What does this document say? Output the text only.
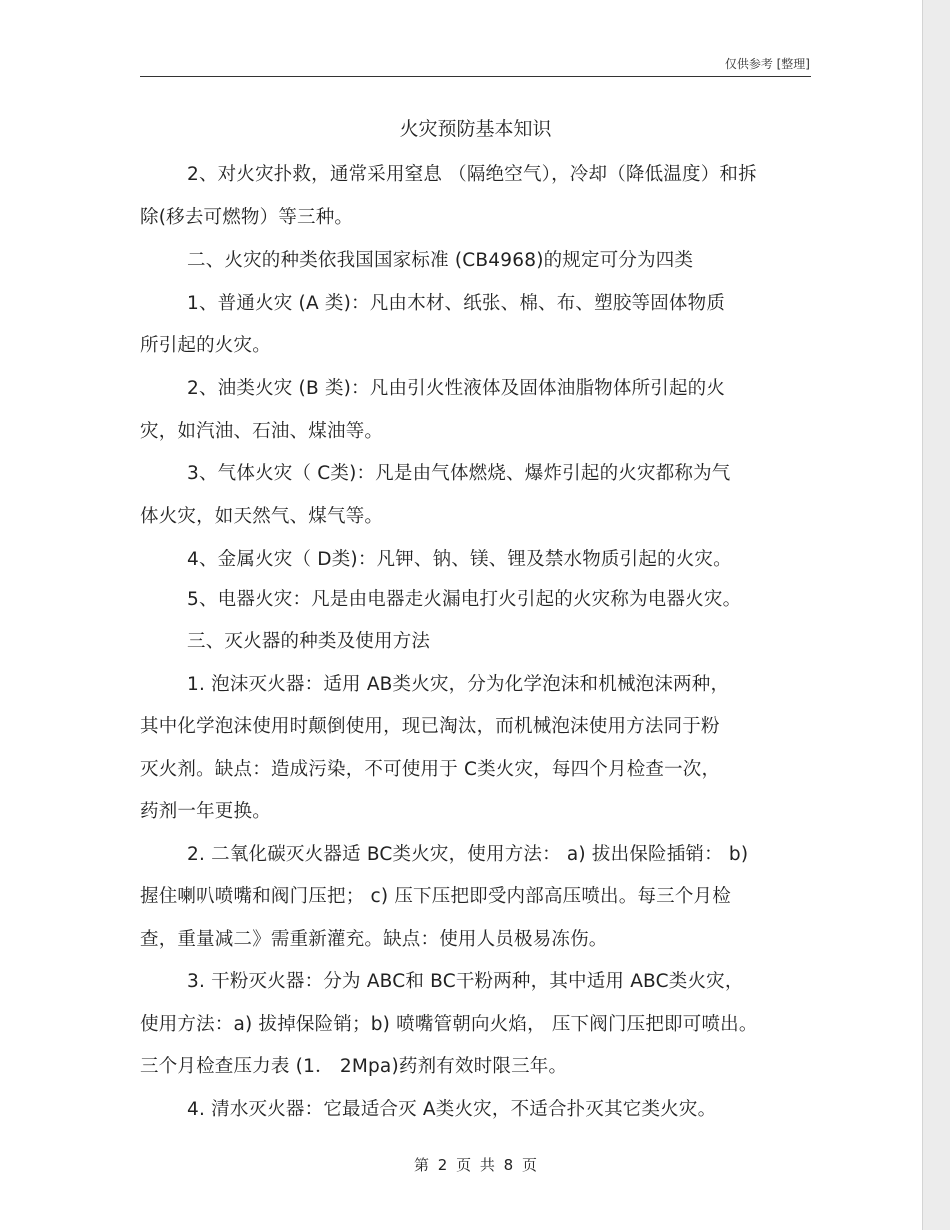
仅供参考 [整理]
火灾预防基本知识
2、对火灾扑救，通常采用窒息 （隔绝空气），冷却（降低温度）和拆
除(移去可燃物）等三种。
二、火灾的种类依我国国家标准 (CB4968)的规定可分为四类
1、普通火灾 (A 类)：凡由木材、纸张、棉、布、塑胶等固体物质
所引起的火灾。
2、油类火灾 (B 类)：凡由引火性液体及固体油脂物体所引起的火
灾，如汽油、石油、煤油等。
3、气体火灾（ C类)：凡是由气体燃烧、爆炸引起的火灾都称为气
体火灾，如天然气、煤气等。
4、金属火灾（ D类)：凡钾、钠、镁、锂及禁水物质引起的火灾。
5、电器火灾：凡是由电器走火漏电打火引起的火灾称为电器火灾。
三、灭火器的种类及使用方法
1. 泡沫灭火器：适用 AB类火灾，分为化学泡沫和机械泡沫两种，
其中化学泡沫使用时颠倒使用，现已淘汰，而机械泡沫使用方法同于粉
灭火剂。缺点：造成污染，不可使用于 C类火灾，每四个月检查一次，
药剂一年更换。
2. 二氧化碳灭火器适 BC类火灾，使用方法： a) 拔出保险插销： b)
握住喇叭喷嘴和阀门压把； c) 压下压把即受内部高压喷出。每三个月检
查，重量减二》需重新灌充。缺点：使用人员极易冻伤。
3. 干粉灭火器：分为 ABC和 BC干粉两种，其中适用 ABC类火灾，
使用方法：a) 拔掉保险销；b) 喷嘴管朝向火焰， 压下阀门压把即可喷出。
三个月检查压力表 (1． 2Mpa)药剂有效时限三年。
4. 清水灭火器：它最适合灭 A类火灾，不适合扑灭其它类火灾。
第 2 页 共 8 页
